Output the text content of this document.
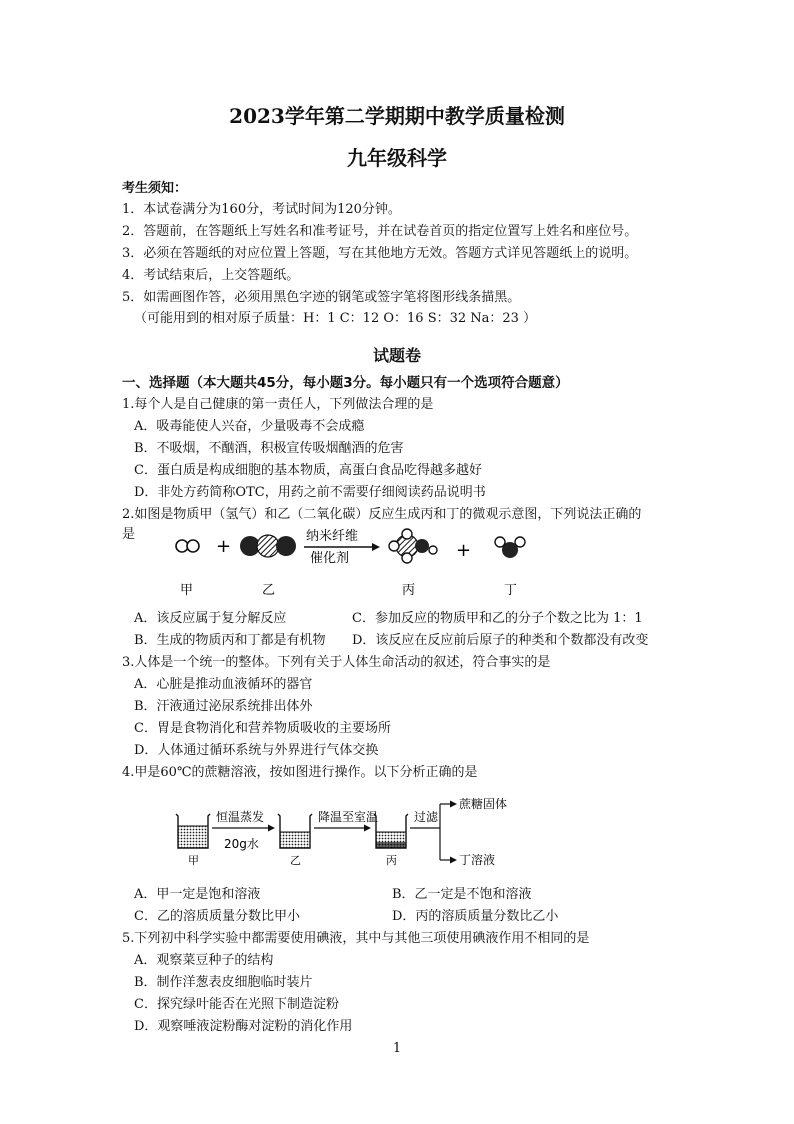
2023学年第二学期期中教学质量检测
九年级科学
考生须知：
1．本试卷满分为160分，考试时间为120分钟。
2．答题前，在答题纸上写姓名和准考证号，并在试卷首页的指定位置写上姓名和座位号。
3．必须在答题纸的对应位置上答题，写在其他地方无效。答题方式详见答题纸上的说明。
4．考试结束后，上交答题纸。
5．如需画图作答，必须用黑色字迹的钢笔或签字笔将图形线条描黑。
（可能用到的相对原子质量：H：1 C：12 O：16 S：32 Na：23 ）
试题卷
一、选择题（本大题共45分，每小题3分。每小题只有一个选项符合题意）
1.每个人是自己健康的第一责任人，下列做法合理的是
A．吸毒能使人兴奋，少量吸毒不会成瘾
B．不吸烟，不酗酒，积极宣传吸烟酗酒的危害
C．蛋白质是构成细胞的基本物质，高蛋白食品吃得越多越好
D．非处方药简称OTC，用药之前不需要仔细阅读药品说明书
2.如图是物质甲（氢气）和乙（二氧化碳）反应生成丙和丁的微观示意图，下列说法正确的
是
+	纳米纤维
催化剂	+
甲	乙	丙	丁
A．该反应属于复分解反应	C．参加反应的物质甲和乙的分子个数之比为 1：1
B．生成的物质丙和丁都是有机物 D．该反应在反应前后原子的种类和个数都没有改变
3.人体是一个统一的整体。下列有关于人体生命活动的叙述，符合事实的是
A．心脏是推动血液循环的器官
B．汗液通过泌尿系统排出体外
C．胃是食物消化和营养物质吸收的主要场所
D．人体通过循环系统与外界进行气体交换
4.甲是60℃的蔗糖溶液，按如图进行操作。以下分析正确的是
恒温蒸发
20g水
降温至室温	过滤
蔗糖固体
丁溶液
甲	乙	丙
A．甲一定是饱和溶液	B．乙一定是不饱和溶液
C．乙的溶质质量分数比甲小	D．丙的溶质质量分数比乙小
5.下列初中科学实验中都需要使用碘液，其中与其他三项使用碘液作用不相同的是
A．观察菜豆种子的结构
B．制作洋葱表皮细胞临时装片
C．探究绿叶能否在光照下制造淀粉
D．观察唾液淀粉酶对淀粉的消化作用
1
